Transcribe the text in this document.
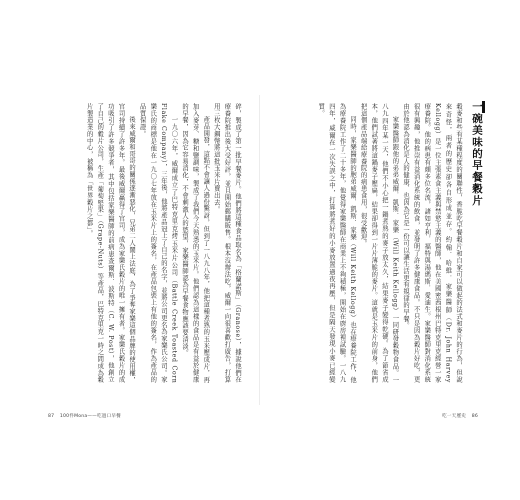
一碗美味的早餐穀片

穀麥和些有某種程度的關聯性，香脆吃早餐穀片和自家可以做起的法式和麥片的行為，但說來奇怪，兩者的歷史卻各自形成並存。約翰．哈維．家樂醫師（Dr. John Harvey Kellogg）是一位主張素食主義與禁慾主義的醫師，他在美國密西根州巴特克里克經營一家療養院。他的病患有頗多位名流，諸如亨利．福特與湯瑪斯．愛迪生。家樂醫師對消化系統很有興趣，他推崇有益消化系統的飲食，並發明了許多健康食品。不只是因為穀片好吃，更由於他認為消化是人的健康、也因為它是一份可以讓生活更有規律的早餐。

家樂醫師跟他的弟弟威爾．凱斯．家樂（Will Keith Kellogg）一同研發穀物食品。一八九四年某一天，他們不小心把一鍋煮熟的麥子放太久，結果麥子變得乾硬。為了節省成本，他們試著將這鍋麥子壓扁，結果卻得到一片片薄脆的麥片。這就是玉米片的前身，他們把這個產品端給療養院的病患食用，很受歡迎。

同時，家樂醫師的胞弟威爾．凱斯．家樂（Will Keith Kellogg）也在療養院工作，他為療養院工作了二十多年，他覺得家樂醫師在商業上不夠積極，開始在廚房裡試驗。一八九四年，威爾在一次失誤之中，打算將煮好的小麥放置過夜再壓，但是隔天發現小麥已經變質。

碎，製成了第一批早餐麥片。他們將這種食品取名為「格蘭諾斯」（Granose），據說他們在療養院推出後大受好評，並且開始郵購販售。根本沒辦法吃，威爾一向很喜歡打廣告，打算用三枚大鋼幣將這批玉米片賣出去。

產品開發，這點不會讓人過份驚訝，但到了一八九八年，他把這種煮熟的玉米壓成片，再加入麥芽、糖和鹽調味，製成了我們今天熟悉的玉米片。他們認為這樣的食品是有益於健康的早餐，因為它容易消化，不會刺激人的慾望，家樂醫師認為早餐食物應該要清淡。

一九〇六年，威爾成立了巴特克里克烤玉米片公司（Battle Creek Toasted Corn Flake Company），三年後，他將產品冠上了自己的名字，並將公司更名為家樂氏公司。家樂氏的商標是他在一九〇七年放在玉米片上的簽名，在產品包裝上有他的簽名，作為產品的品質保證。

後來威爾和哥哥的關係逐漸惡化，兄弟二人鬧上法庭，為了爭奪家樂這個品牌的使用權，官司持續了許多年。最後威爾贏得了官司，成為家樂氏穀片的唯一擁有者。家樂氏穀片的成功吸引了許多競爭者，其中包括家樂醫師的前病患查爾斯．波斯特（C. W. Post），他創立了自己的穀片公司，生產「葡萄堅果」（Grape-Nuts）等產品，巴特克里克一時之間成為穀片製造業的中心，被稱為「世界穀片之都」。

87 100件Mona——吃過口早餐	吃一天歷史 86
